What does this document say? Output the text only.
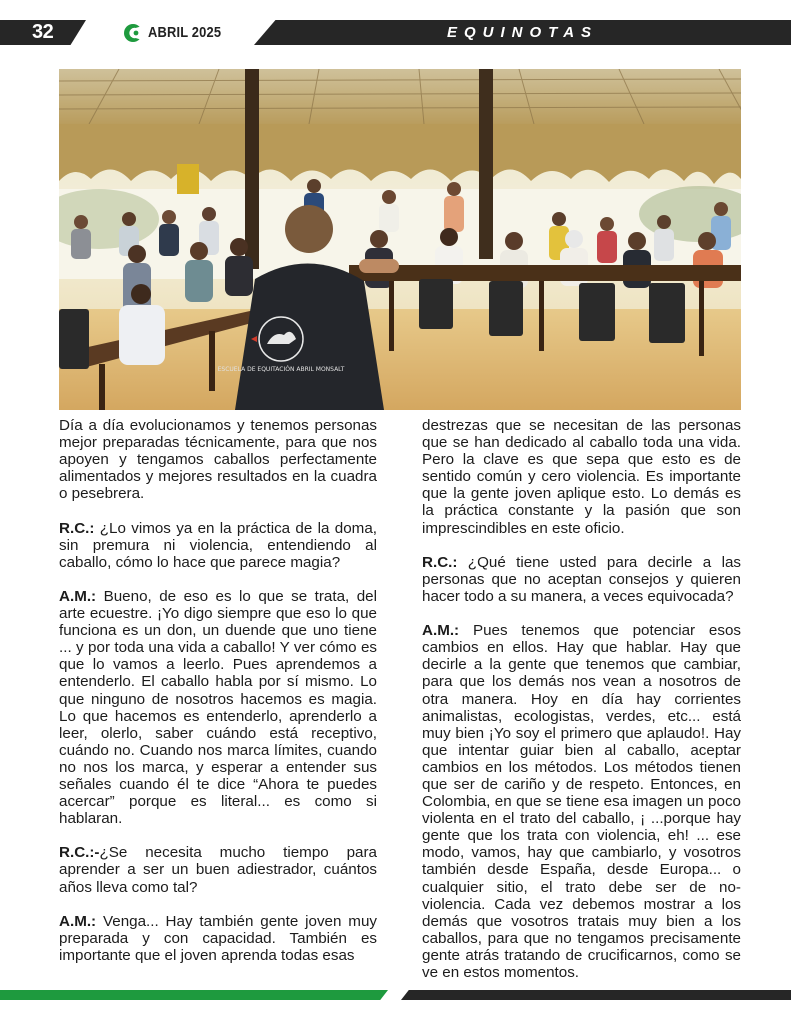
32	ABRIL 2025	EQUINOTAS
ESCUELA DE EQUITACIÓN ABRIL MONSALT

Día a día evolucionamos y tenemos personas mejor preparadas técnicamente, para que nos apoyen y tengamos caballos perfectamente alimentados y mejores resultados en la cuadra o pesebrera.

R.C.: ¿Lo vimos ya en la práctica de la doma, sin premura ni violencia, entendiendo al caballo, cómo lo hace que parece magia?

A.M.: Bueno, de eso es lo que se trata, del arte ecuestre. ¡Yo digo siempre que eso lo que funciona es un don, un duende que uno tiene ... y por toda una vida a caballo! Y ver cómo es que lo vamos a leerlo. Pues aprendemos a entenderlo. El caballo habla por sí mismo. Lo que ninguno de nosotros hacemos es magia. Lo que hacemos es entenderlo, aprenderlo a leer, olerlo, saber cuándo está receptivo, cuándo no. Cuando nos marca límites, cuando no nos los marca, y esperar a entender sus señales cuando él te dice “Ahora te puedes acercar” porque es literal... es como si hablaran.

R.C.:-¿Se necesita mucho tiempo para aprender a ser un buen adiestrador, cuántos años lleva como tal?

A.M.: Venga... Hay también gente joven muy preparada y con capacidad. También es importante que el joven aprenda todas esas

destrezas que se necesitan de las personas que se han dedicado al caballo toda una vida. Pero la clave es que sepa que esto es de sentido común y cero violencia. Es importante que la gente joven aplique esto. Lo demás es la práctica constante y la pasión que son imprescindibles en este oficio.

R.C.: ¿Qué tiene usted para decirle a las personas que no aceptan consejos y quieren hacer todo a su manera, a veces equivocada?

A.M.: Pues tenemos que potenciar esos cambios en ellos. Hay que hablar. Hay que decirle a la gente que tenemos que cambiar, para que los demás nos vean a nosotros de otra manera. Hoy en día hay corrientes animalistas, ecologistas, verdes, etc... está muy bien ¡Yo soy el primero que aplaudo!. Hay que intentar guiar bien al caballo, aceptar cambios en los métodos. Los métodos tienen que ser de cariño y de respeto. Entonces, en Colombia, en que se tiene esa imagen un poco violenta en el trato del caballo, ¡ ...porque hay gente que los trata con violencia, eh! ... ese modo, vamos, hay que cambiarlo, y vosotros también desde España, desde Europa... o cualquier sitio, el trato debe ser de no-violencia. Cada vez debemos mostrar a los demás que vosotros tratais muy bien a los caballos, para que no tengamos precisamente gente atrás tratando de crucificarnos, como se ve en estos momentos.
